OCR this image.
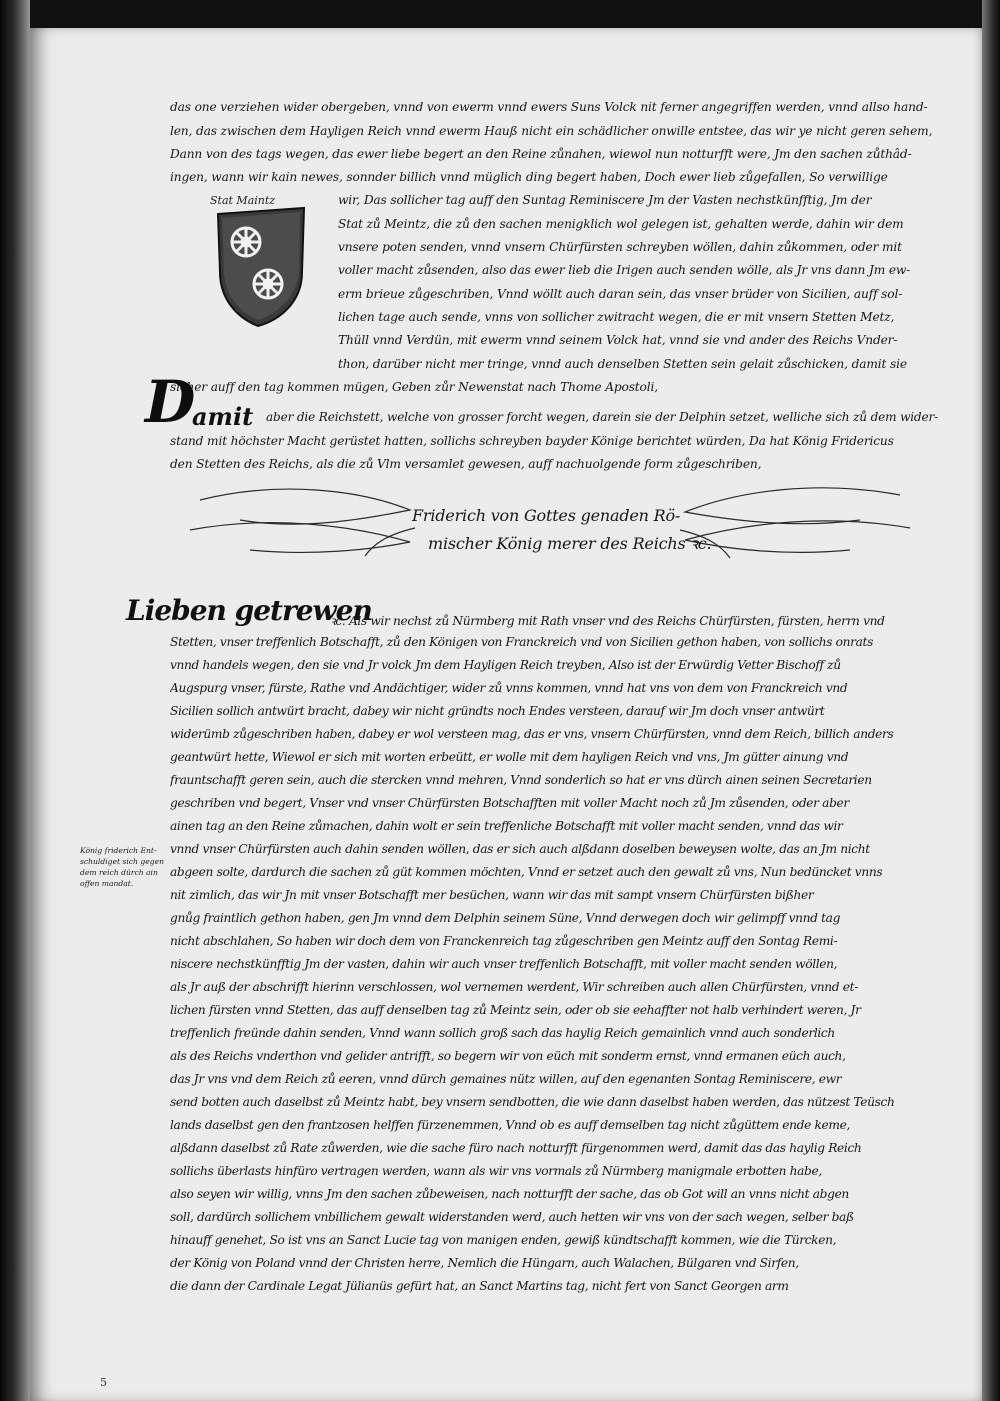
Stat Maintz
das one verziehen wider obergeben, vnnd von ewerm vnnd ewers Suns Volck nit ferner angegriffen werden, vnnd allso hand-
len, das zwischen dem Hayligen Reich vnnd ewerm Hauß nicht ein schädlicher onwille entstee, das wir ye nicht geren sehem,
Dann von des tags wegen, das ewer liebe begert an den Reine zůnahen, wiewol nun notturfft were, Jm den sachen zůthâd-
ingen, wann wir kain newes, sonnder billich vnnd müglich ding begert haben, Doch ewer lieb zůgefallen, So verwillige
wir, Das sollicher tag auff den Suntag Reminiscere Jm der Vasten nechstkünfftig, Jm der
Stat zů Meintz, die zů den sachen menigklich wol gelegen ist, gehalten werde, dahin wir dem
vnsere poten senden, vnnd vnsern Chürfürsten schreyben wöllen, dahin zůkommen, oder mit
voller macht zůsenden, also das ewer lieb die Irigen auch senden wölle, als Jr vns dann Jm ew-
erm brieue zůgeschriben, Vnnd wöllt auch daran sein, das vnser brüder von Sicilien, auff sol-
lichen tage auch sende, vnns von sollicher zwitracht wegen, die er mit vnsern Stetten Metz,
Thüll vnnd Verdün, mit ewerm vnnd seinem Volck hat, vnnd sie vnd ander des Reichs Vnder-
thon, darüber nicht mer tringe, vnnd auch denselben Stetten sein gelait zůschicken, damit sie
sicher auff den tag kommen mügen, Geben zůr Newenstat nach Thome Apostoli,
D
amit aber die Reichstett, welche von grosser forcht wegen, darein sie der Delphin setzet, welliche sich zů dem wider-
stand mit höchster Macht gerüstet hatten, sollichs schreyben bayder Könige berichtet würden, Da hat König Fridericus
den Stetten des Reichs, als die zů Vlm versamlet gewesen, auff nachuolgende form zůgeschriben,
Friderich von Gottes genaden Rö-
mischer König merer des Reichs ꝛc.
Lieben getrewen
ꝛc. Als wir nechst zů Nürmberg mit Rath vnser vnd des Reichs Chürfürsten, fürsten, herrn vnd
Stetten, vnser treffenlich Botschafft, zů den Königen von Franckreich vnd von Sicilien gethon haben, von sollichs onrats
vnnd handels wegen, den sie vnd Jr volck Jm dem Hayligen Reich treyben, Also ist der Erwürdig Vetter Bischoff zů
Augspurg vnser, fürste, Rathe vnd Andächtiger, wider zů vnns kommen, vnnd hat vns von dem von Franckreich vnd
Sicilien sollich antwürt bracht, dabey wir nicht gründts noch Endes versteen, darauf wir Jm doch vnser antwürt
widerümb zůgeschriben haben, dabey er wol versteen mag, das er vns, vnsern Chürfürsten, vnnd dem Reich, billich anders
geantwürt hette, Wiewol er sich mit worten erbeütt, er wolle mit dem hayligen Reich vnd vns, Jm gütter ainung vnd
frauntschafft geren sein, auch die stercken vnnd mehren, Vnnd sonderlich so hat er vns dürch ainen seinen Secretarien
geschriben vnd begert, Vnser vnd vnser Chürfürsten Botschafften mit voller Macht noch zů Jm zůsenden, oder aber
ainen tag an den Reine zůmachen, dahin wolt er sein treffenliche Botschafft mit voller macht senden, vnnd das wir
vnnd vnser Chürfürsten auch dahin senden wöllen, das er sich auch alßdann doselben beweysen wolte, das an Jm nicht
abgeen solte, dardurch die sachen zů güt kommen möchten, Vnnd er setzet auch den gewalt zů vns, Nun bedüncket vnns
nit zimlich, das wir Jn mit vnser Botschafft mer besüchen, wann wir das mit sampt vnsern Chürfürsten bißher
gnůg fraintlich gethon haben, gen Jm vnnd dem Delphin seinem Süne, Vnnd derwegen doch wir gelimpff vnnd tag
nicht abschlahen, So haben wir doch dem von Franckenreich tag zůgeschriben gen Meintz auff den Sontag Remi-
niscere nechstkünfftig Jm der vasten, dahin wir auch vnser treffenlich Botschafft, mit voller macht senden wöllen,
als Jr auß der abschrifft hierinn verschlossen, wol vernemen werdent, Wir schreiben auch allen Chürfürsten, vnnd et-
lichen fürsten vnnd Stetten, das auff denselben tag zů Meintz sein, oder ob sie eehaffter not halb verhindert weren, Jr
treffenlich freünde dahin senden, Vnnd wann sollich groß sach das haylig Reich gemainlich vnnd auch sonderlich
als des Reichs vnderthon vnd gelider antrifft, so begern wir von eüch mit sonderm ernst, vnnd ermanen eüch auch,
das Jr vns vnd dem Reich zů eeren, vnnd dürch gemaines nütz willen, auf den egenanten Sontag Reminiscere, ewr
send botten auch daselbst zů Meintz habt, bey vnsern sendbotten, die wie dann daselbst haben werden, das nützest Teüsch
lands daselbst gen den frantzosen helffen fürzenemmen, Vnnd ob es auff demselben tag nicht zůgüttem ende keme,
alßdann daselbst zů Rate zůwerden, wie die sache füro nach notturfft fürgenommen werd, damit das das haylig Reich
sollichs überlasts hinfüro vertragen werden, wann als wir vns vormals zů Nürmberg manigmale erbotten habe,
also seyen wir willig, vnns Jm den sachen zůbeweisen, nach notturfft der sache, das ob Got will an vnns nicht abgen
soll, dardürch sollichem vnbillichem gewalt widerstanden werd, auch hetten wir vns von der sach wegen, selber baß
hinauff genehet, So ist vns an Sanct Lucie tag von manigen enden, gewiß kündtschafft kommen, wie die Türcken,
der König von Poland vnnd der Christen herre, Nemlich die Hüngarn, auch Walachen, Bülgaren vnd Sirfen,
die dann der Cardinale Legat Jülianüs gefürt hat, an Sanct Martins tag, nicht fert von Sanct Georgen arm
König friderich Ent-
schuldiget sich gegen
dem reich dürch ain
offen mandat.
5
